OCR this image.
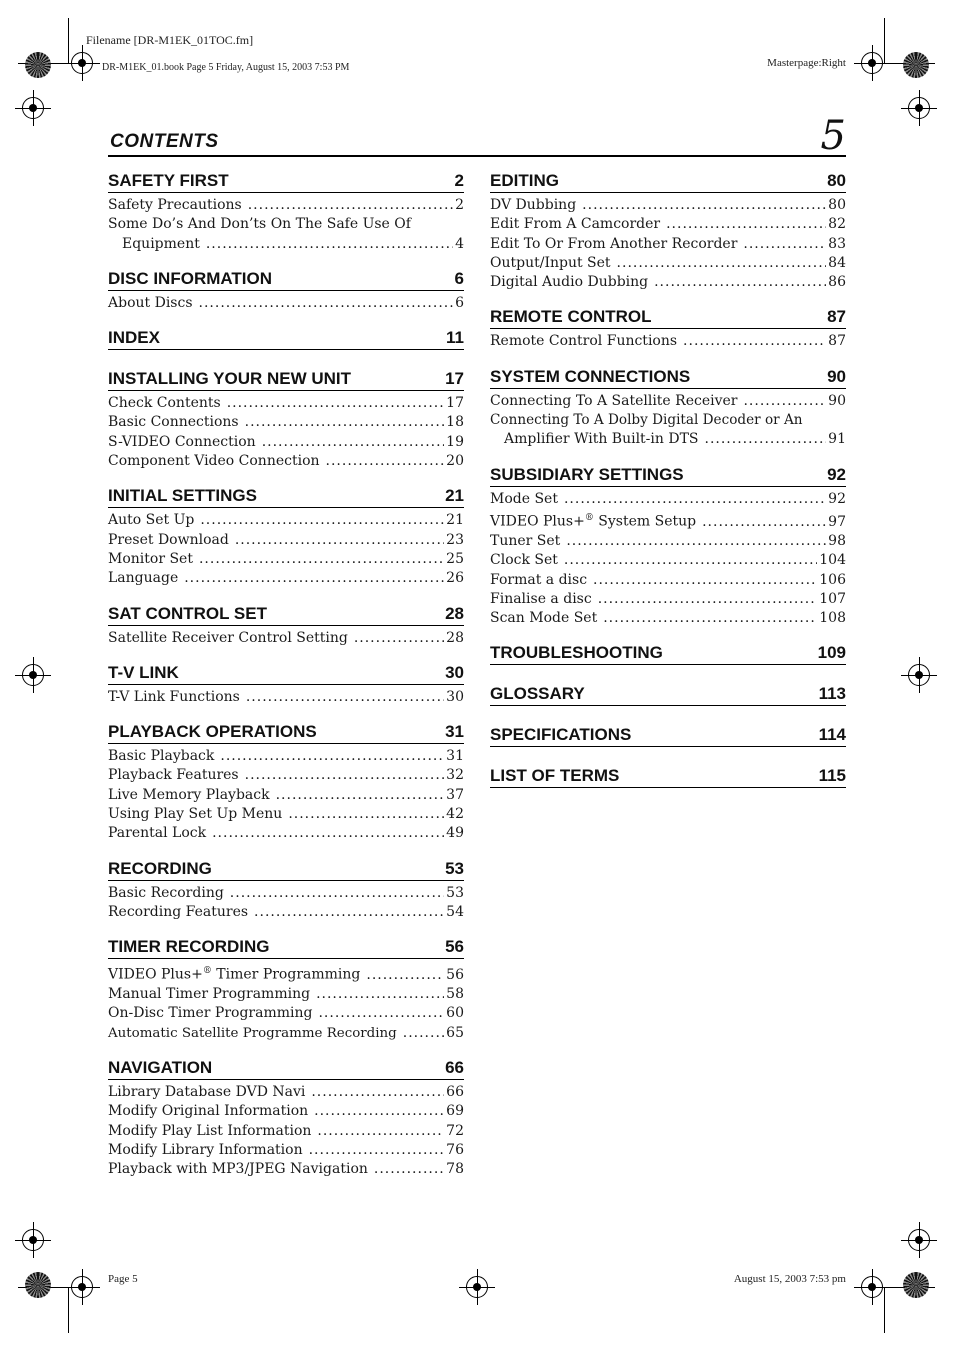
Filename [DR-M1EK_01TOC.fm]
DR-M1EK_01.book Page 5 Friday, August 15, 2003 7:53 PM	Masterpage:Right
Page 5	August 15, 2003 7:53 pm
CONTENTS	5
SAFETY FIRST	2
Safety Precautions .....	2
Some Do’s And Don’ts On The Safe Use Of
Equipment .....	4
DISC INFORMATION	6
About Discs .....	6
INDEX	11
INSTALLING YOUR NEW UNIT	17
Check Contents .....	17
Basic Connections .....	18
S-VIDEO Connection .....	19
Component Video Connection .....	20
INITIAL SETTINGS	21
Auto Set Up .....	21
Preset Download .....	23
Monitor Set .....	25
Language .....	26
SAT CONTROL SET	28
Satellite Receiver Control Setting .....	28
T-V LINK	30
T-V Link Functions .....	30
PLAYBACK OPERATIONS	31
Basic Playback .....	31
Playback Features .....	32
Live Memory Playback .....	37
Using Play Set Up Menu .....	42
Parental Lock .....	49
RECORDING	53
Basic Recording .....	53
Recording Features .....	54
TIMER RECORDING	56
VIDEO Plus+® Timer Programming .....	56
Manual Timer Programming .....	58
On-Disc Timer Programming .....	60
Automatic Satellite Programme Recording .....	65
NAVIGATION	66
Library Database DVD Navi .....	66
Modify Original Information .....	69
Modify Play List Information .....	72
Modify Library Information .....	76
Playback with MP3/JPEG Navigation .....	78
EDITING	80
DV Dubbing .....	80
Edit From A Camcorder .....	82
Edit To Or From Another Recorder .....	83
Output/Input Set .....	84
Digital Audio Dubbing .....	86
REMOTE CONTROL	87
Remote Control Functions .....	87
SYSTEM CONNECTIONS	90
Connecting To A Satellite Receiver .....	90
Connecting To A Dolby Digital Decoder or An
Amplifier With Built-in DTS .....	91
SUBSIDIARY SETTINGS	92
Mode Set .....	92
VIDEO Plus+® System Setup .....	97
Tuner Set .....	98
Clock Set .....	104
Format a disc .....	106
Finalise a disc .....	107
Scan Mode Set .....	108
TROUBLESHOOTING	109
GLOSSARY	113
SPECIFICATIONS	114
LIST OF TERMS	115
